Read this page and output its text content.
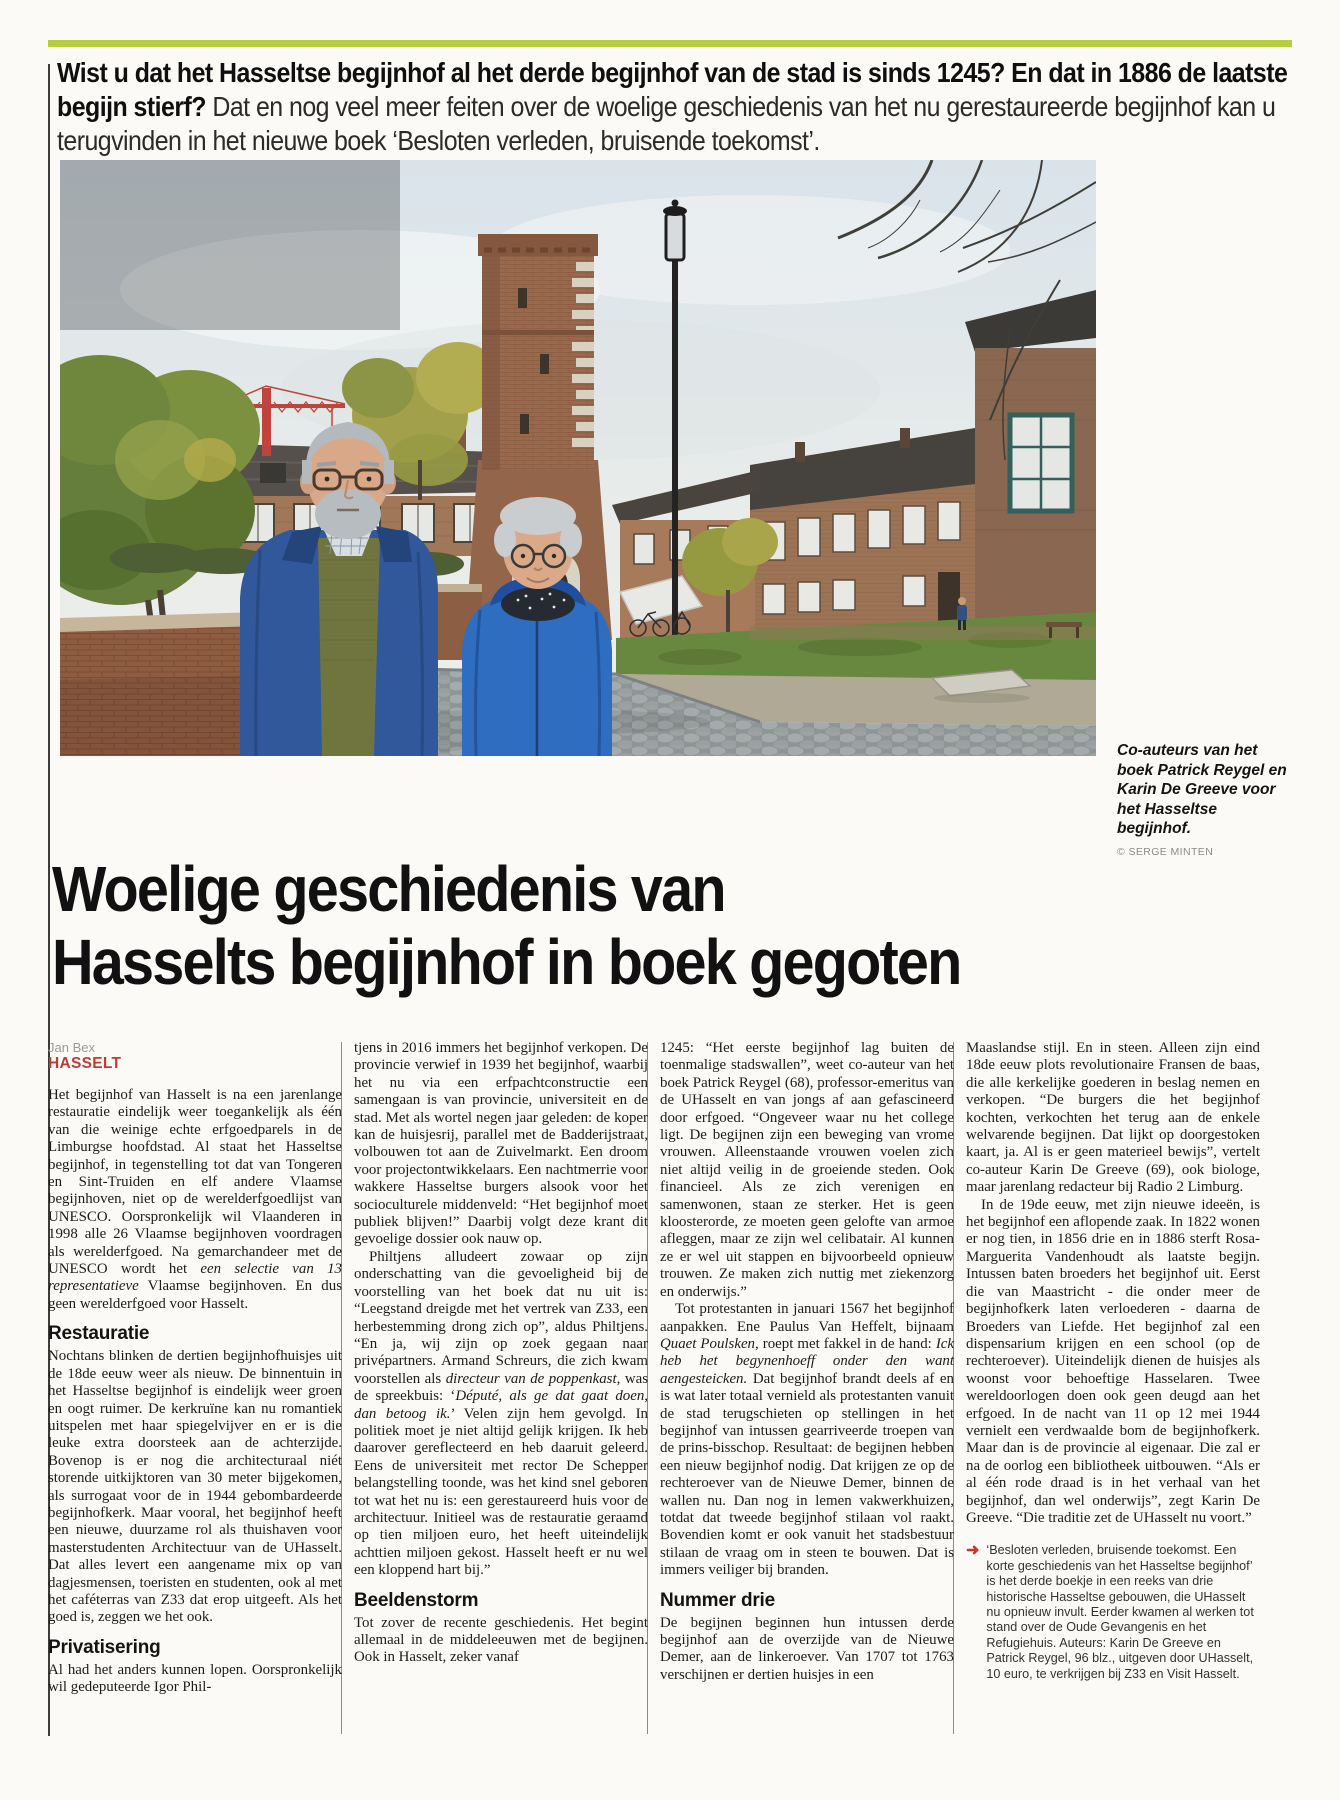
Wist u dat het Hasseltse begijnhof al het derde begijnhof van de stad is sinds 1245? En dat in 1886 de laatste begijn stierf? Dat en nog veel meer feiten over de woelige geschiedenis van het nu gerestaureerde begijnhof kan u terugvinden in het nieuwe boek ‘Besloten verleden, bruisende toekomst’.

Co-auteurs van het boek Patrick Reygel en Karin De Greeve voor het Hasseltse begijnhof.
© SERGE MINTEN
Woelige geschiedenis van
Hasselts begijnhof in boek gegoten
Jan Bex
HASSELT

Het begijnhof van Hasselt is na een jarenlange restauratie eindelijk weer toegankelijk als één van die weinige echte erfgoedparels in de Limburgse hoofdstad. Al staat het Hasseltse begijnhof, in tegenstelling tot dat van Tongeren en Sint-Truiden en elf andere Vlaamse begijnhoven, niet op de werelderfgoedlijst van UNESCO. Oorspronkelijk wil Vlaanderen in 1998 alle 26 Vlaamse begijnhoven voordragen als werelderfgoed. Na gemarchandeer met de UNESCO wordt het een selectie van 13 representatieve Vlaamse begijnhoven. En dus geen werelderfgoed voor Hasselt.

Restauratie

Nochtans blinken de dertien begijnhofhuisjes uit de 18de eeuw weer als nieuw. De binnentuin in het Hasseltse begijnhof is eindelijk weer groen en oogt ruimer. De kerkruïne kan nu romantiek uitspelen met haar spiegelvijver en er is die leuke extra doorsteek aan de achterzijde. Bovenop is er nog die architecturaal niét storende uitkijktoren van 30 meter bijgekomen, als surrogaat voor de in 1944 gebombardeerde begijnhofkerk. Maar vooral, het begijnhof heeft een nieuwe, duurzame rol als thuishaven voor masterstudenten Architectuur van de UHasselt. Dat alles levert een aangename mix op van dagjesmensen, toeristen en studenten, ook al met het caféterras van Z33 dat erop uitgeeft. Als het goed is, zeggen we het ook.

Privatisering

Al had het anders kunnen lopen. Oorspronkelijk wil gedeputeerde Igor Phil-

tjens in 2016 immers het begijnhof verkopen. De provincie verwief in 1939 het begijnhof, waarbij het nu via een erfpachtconstructie een samengaan is van provincie, universiteit en de stad. Met als wortel negen jaar geleden: de koper kan de huisjesrij, parallel met de Badderijstraat, volbouwen tot aan de Zuivelmarkt. Een droom voor projectontwikkelaars. Een nachtmerrie voor wakkere Hasseltse burgers alsook voor het socioculturele middenveld: “Het begijnhof moet publiek blijven!” Daarbij volgt deze krant dit gevoelige dossier ook nauw op.

Philtjens alludeert zowaar op zijn onderschatting van die gevoeligheid bij de voorstelling van het boek dat nu uit is: “Leegstand dreigde met het vertrek van Z33, een herbestemming drong zich op”, aldus Philtjens. “En ja, wij zijn op zoek gegaan naar privépartners. Armand Schreurs, die zich kwam voorstellen als directeur van de poppenkast, was de spreekbuis: ‘Député, als ge dat gaat doen, dan betoog ik.’ Velen zijn hem gevolgd. In politiek moet je niet altijd gelijk krijgen. Ik heb daarover gereflecteerd en heb daaruit geleerd. Eens de universiteit met rector De Schepper belangstelling toonde, was het kind snel geboren tot wat het nu is: een gerestaureerd huis voor de architectuur. Initieel was de restauratie geraamd op tien miljoen euro, het heeft uiteindelijk achttien miljoen gekost. Hasselt heeft er nu wel een kloppend hart bij.”

Beeldenstorm

Tot zover de recente geschiedenis. Het begint allemaal in de middeleeuwen met de begijnen. Ook in Hasselt, zeker vanaf

1245: “Het eerste begijnhof lag buiten de toenmalige stadswallen”, weet co-auteur van het boek Patrick Reygel (68), professor-emeritus van de UHasselt en van jongs af aan gefascineerd door erfgoed. “Ongeveer waar nu het college ligt. De begijnen zijn een beweging van vrome vrouwen. Alleenstaande vrouwen voelen zich niet altijd veilig in de groeiende steden. Ook financieel. Als ze zich verenigen en samenwonen, staan ze sterker. Het is geen kloosterorde, ze moeten geen gelofte van armoe afleggen, maar ze zijn wel celibatair. Al kunnen ze er wel uit stappen en bijvoorbeeld opnieuw trouwen. Ze maken zich nuttig met ziekenzorg en onderwijs.”

Tot protestanten in januari 1567 het begijnhof aanpakken. Ene Paulus Van Heffelt, bijnaam Quaet Poulsken, roept met fakkel in de hand: Ick heb het begynenhoeff onder den want aengesteicken. Dat begijnhof brandt deels af en is wat later totaal vernield als protestanten vanuit de stad terugschieten op stellingen in het begijnhof van intussen gearriveerde troepen van de prins-bisschop. Resultaat: de begijnen hebben een nieuw begijnhof nodig. Dat krijgen ze op de rechteroever van de Nieuwe Demer, binnen de wallen nu. Dan nog in lemen vakwerkhuizen, totdat dat tweede begijnhof stilaan vol raakt. Bovendien komt er ook vanuit het stadsbestuur stilaan de vraag om in steen te bouwen. Dat is immers veiliger bij branden.

Nummer drie

De begijnen beginnen hun intussen derde begijnhof aan de overzijde van de Nieuwe Demer, aan de linkeroever. Van 1707 tot 1763 verschijnen er dertien huisjes in een

Maaslandse stijl. En in steen. Alleen zijn eind 18de eeuw plots revolutionaire Fransen de baas, die alle kerkelijke goederen in beslag nemen en verkopen. “De burgers die het begijnhof kochten, verkochten het terug aan de enkele welvarende begijnen. Dat lijkt op doorgestoken kaart, ja. Al is er geen materieel bewijs”, vertelt co-auteur Karin De Greeve (69), ook biologe, maar jarenlang redacteur bij Radio 2 Limburg.

In de 19de eeuw, met zijn nieuwe ideeën, is het begijnhof een aflopende zaak. In 1822 wonen er nog tien, in 1856 drie en in 1886 sterft Rosa-Marguerita Vandenhoudt als laatste begijn. Intussen baten broeders het begijnhof uit. Eerst die van Maastricht - die onder meer de begijnhofkerk laten verloederen - daarna de Broeders van Liefde. Het begijnhof zal een dispensarium krijgen en een school (op de rechteroever). Uiteindelijk dienen de huisjes als woonst voor behoeftige Hasselaren. Twee wereldoorlogen doen ook geen deugd aan het erfgoed. In de nacht van 11 op 12 mei 1944 vernielt een verdwaalde bom de begijnhofkerk. Maar dan is de provincie al eigenaar. Die zal er na de oorlog een bibliotheek uitbouwen. “Als er al één rode draad is in het verhaal van het begijnhof, dan wel onderwijs”, zegt Karin De Greeve. “Die traditie zet de UHasselt nu voort.”

➜ ‘Besloten verleden, bruisende toekomst. Een korte geschiedenis van het Hasseltse begijnhof’ is het derde boekje in een reeks van drie historische Hasseltse gebouwen, die UHasselt nu opnieuw invult. Eerder kwamen al werken tot stand over de Oude Gevangenis en het Refugiehuis. Auteurs: Karin De Greeve en Patrick Reygel, 96 blz., uitgeven door UHasselt, 10 euro, te verkrijgen bij Z33 en Visit Hasselt.
